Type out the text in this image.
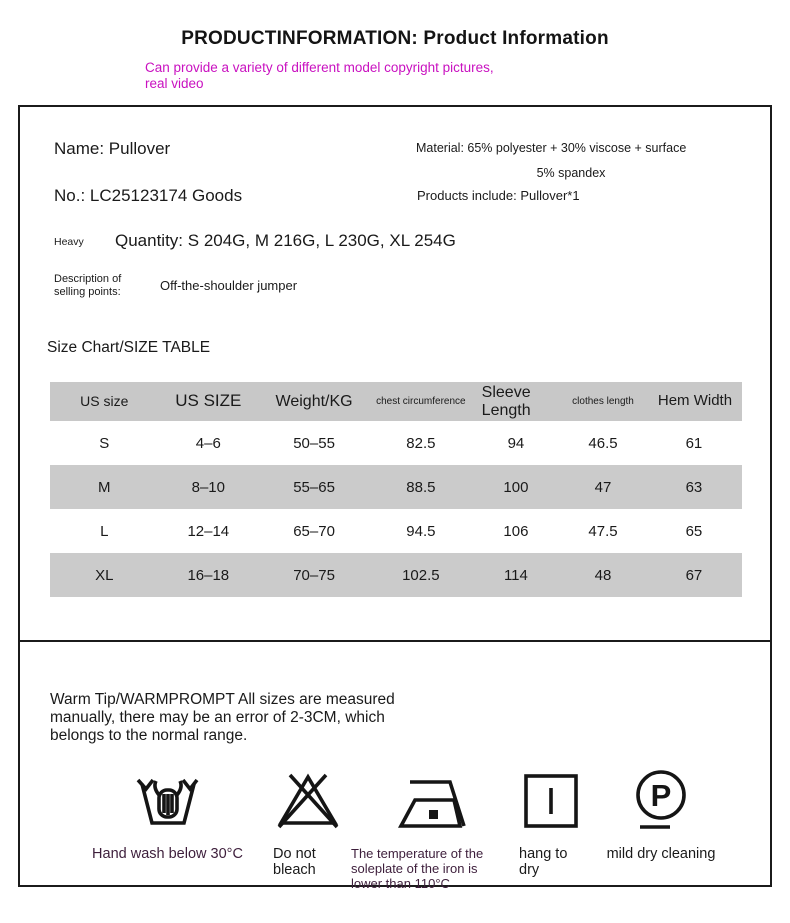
PRODUCTINFORMATION: Product Information
Can provide a variety of different model copyright pictures,
real video
Name: Pullover	Material: 65% polyester + 30% viscose + surface
5% spandex
No.: LC25123174 Goods	Products include: Pullover*1
Heavy Quantity: S 204G, M 216G, L 230G, XL 254G
Description of selling points:	Off-the-shoulder jumper
Size Chart/SIZE TABLE
US size	US SIZE	Weight/KG	chest circumference	Sleeve Length	clothes length	Hem Width
S	4–6	50–55	82.5	94	46.5	61
M	8–10	55–65	88.5	100	47	63
L	12–14	65–70	94.5	106	47.5	65
XL	16–18	70–75	102.5	114	48	67
Warm Tip/WARMPROMPT All sizes are measured manually, there may be an error of 2-3CM, which belongs to the normal range.
Hand wash below 30°C	Do not bleach
The temperature of the soleplate of the iron is lower than 110°C
hang to dry
P
mild dry cleaning
